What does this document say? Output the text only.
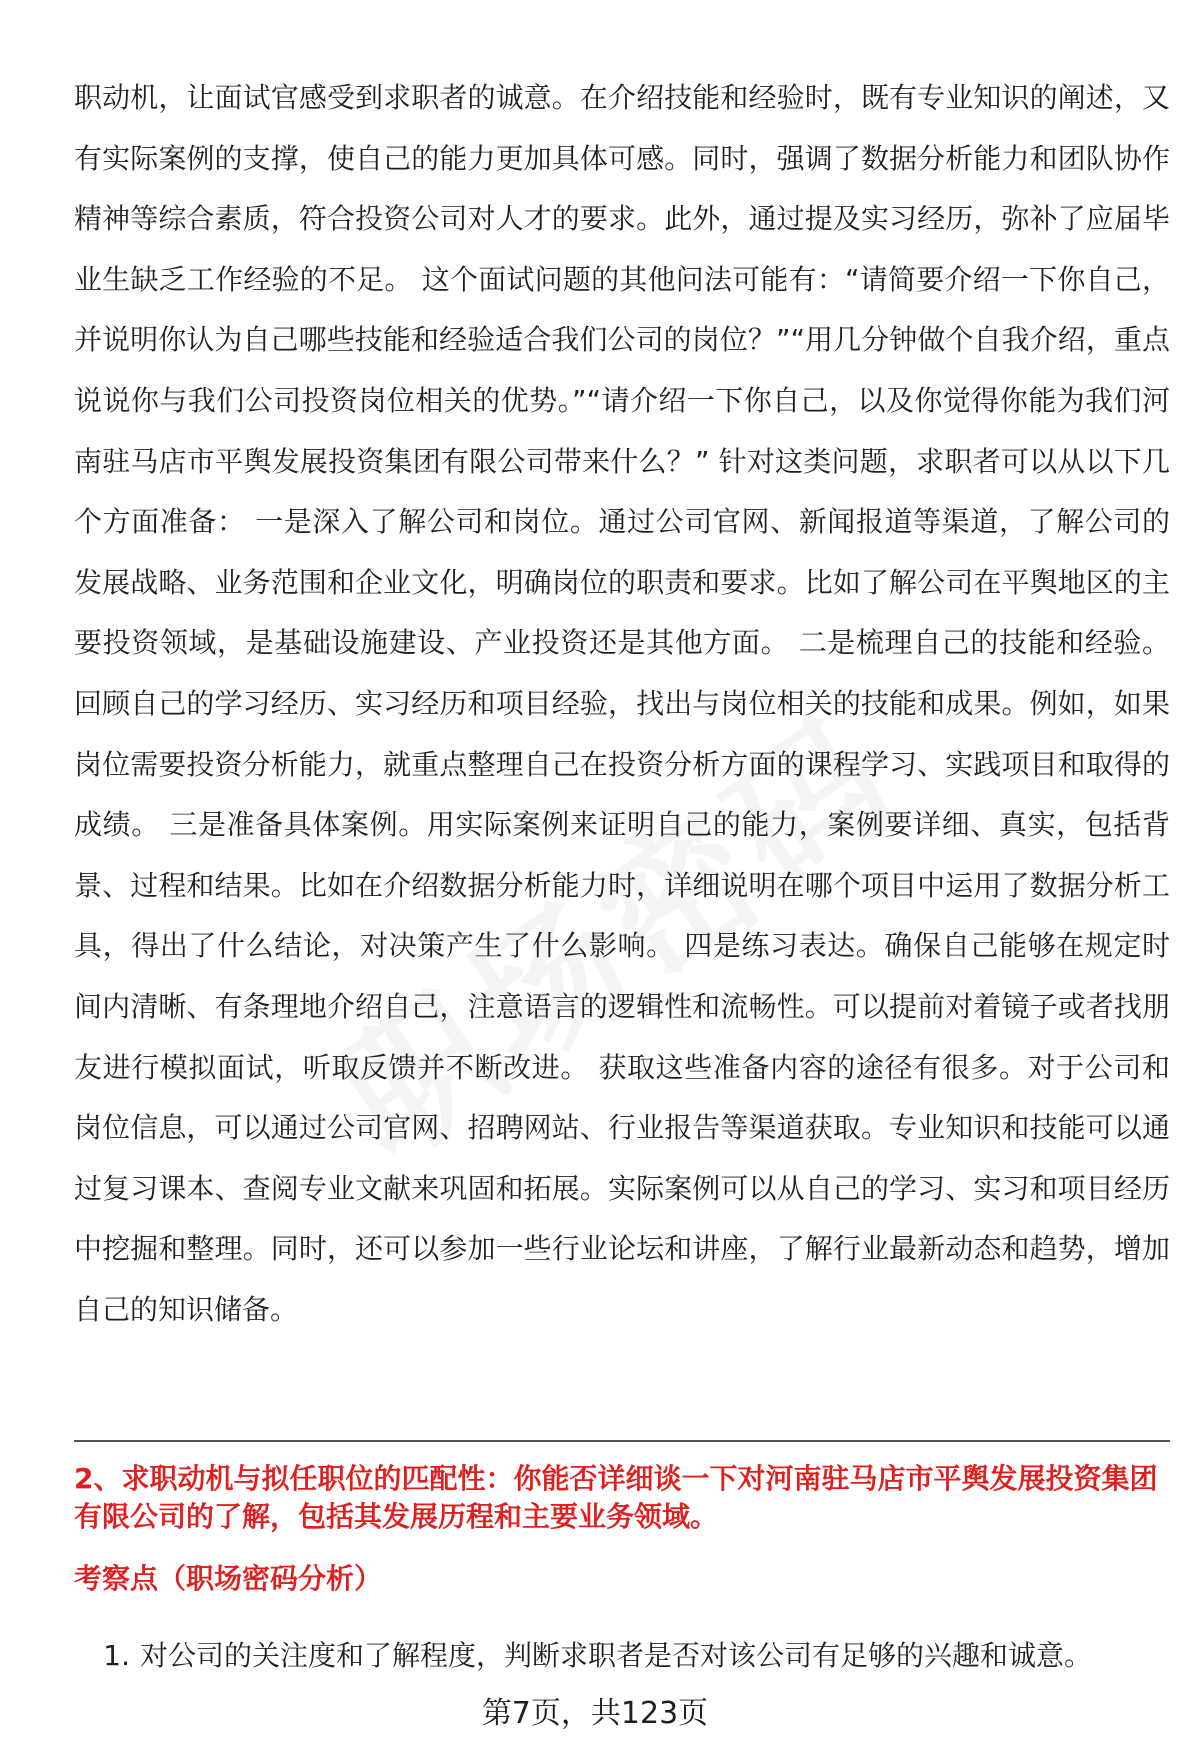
职动机，让面试官感受到求职者的诚意。在介绍技能和经验时，既有专业知识的阐述，又有实际案例的支撑，使自己的能力更加具体可感。同时，强调了数据分析能力和团队协作精神等综合素质，符合投资公司对人才的要求。此外，通过提及实习经历，弥补了应届毕业生缺乏工作经验的不足。 这个面试问题的其他问法可能有：“请简要介绍一下你自己，并说明你认为自己哪些技能和经验适合我们公司的岗位？”“用几分钟做个自我介绍，重点说说你与我们公司投资岗位相关的优势。”“请介绍一下你自己，以及你觉得你能为我们河南驻马店市平舆发展投资集团有限公司带来什么？” 针对这类问题，求职者可以从以下几个方面准备： 一是深入了解公司和岗位。通过公司官网、新闻报道等渠道，了解公司的发展战略、业务范围和企业文化，明确岗位的职责和要求。比如了解公司在平舆地区的主要投资领域，是基础设施建设、产业投资还是其他方面。 二是梳理自己的技能和经验。回顾自己的学习经历、实习经历和项目经验，找出与岗位相关的技能和成果。例如，如果岗位需要投资分析能力，就重点整理自己在投资分析方面的课程学习、实践项目和取得的成绩。 三是准备具体案例。用实际案例来证明自己的能力，案例要详细、真实，包括背景、过程和结果。比如在介绍数据分析能力时，详细说明在哪个项目中运用了数据分析工具，得出了什么结论，对决策产生了什么影响。 四是练习表达。确保自己能够在规定时间内清晰、有条理地介绍自己，注意语言的逻辑性和流畅性。可以提前对着镜子或者找朋友进行模拟面试，听取反馈并不断改进。 获取这些准备内容的途径有很多。对于公司和岗位信息，可以通过公司官网、招聘网站、行业报告等渠道获取。专业知识和技能可以通过复习课本、查阅专业文献来巩固和拓展。实际案例可以从自己的学习、实习和项目经历中挖掘和整理。同时，还可以参加一些行业论坛和讲座，了解行业最新动态和趋势，增加自己的知识储备。

2、求职动机与拟任职位的匹配性：你能否详细谈一下对河南驻马店市平舆发展投资集团有限公司的了解，包括其发展历程和主要业务领域。

考察点（职场密码分析）

1. 对公司的关注度和了解程度，判断求职者是否对该公司有足够的兴趣和诚意。
第7页，共123页
